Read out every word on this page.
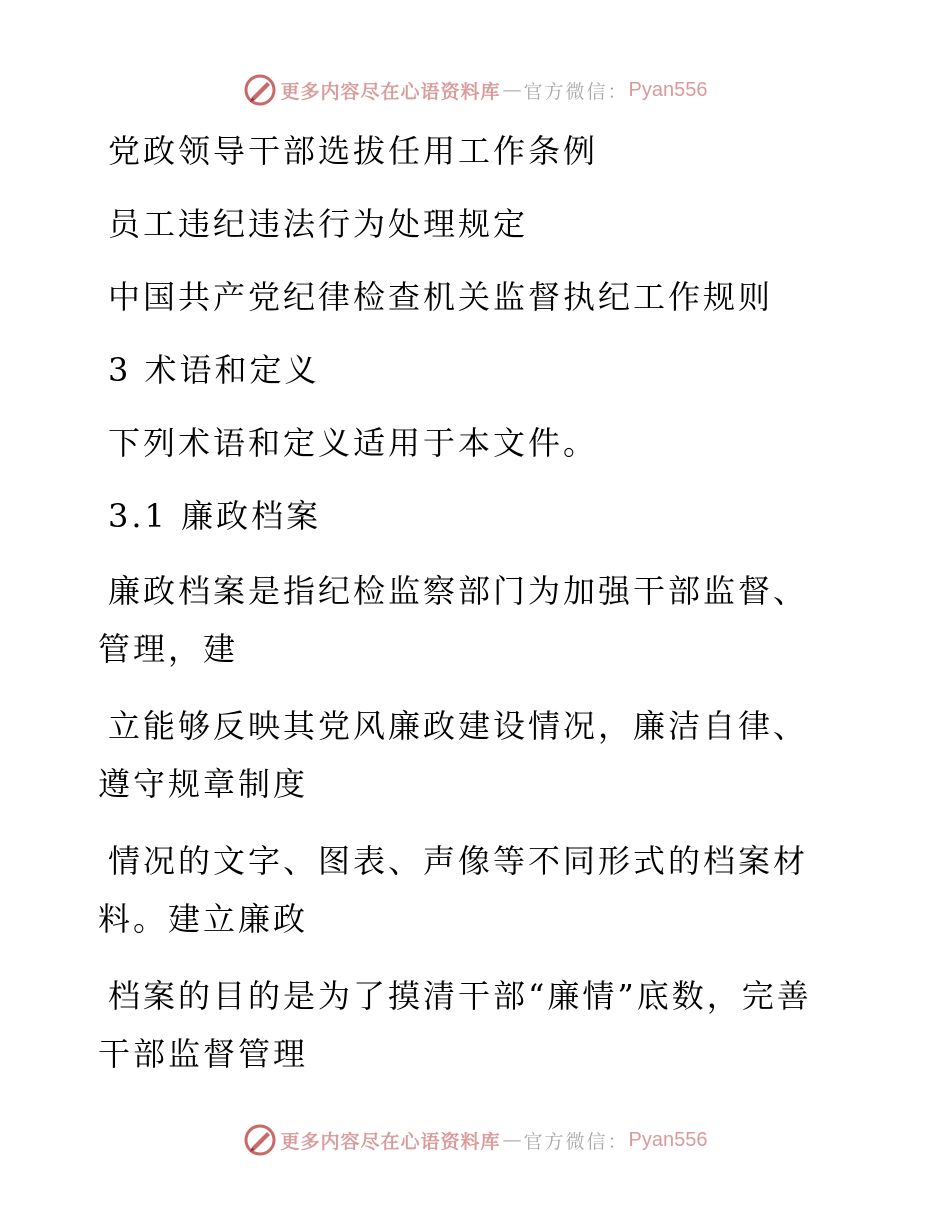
更多内容尽在心语资料库 — 官方微信： Pyan556

党政领导干部选拔任用工作条例

员工违纪违法行为处理规定

中国共产党纪律检查机关监督执纪工作规则

3 术语和定义

下列术语和定义适用于本文件。

3.1 廉政档案

廉政档案是指纪检监察部门为加强干部监督、管理，建

立能够反映其党风廉政建设情况，廉洁自律、遵守规章制度

情况的文字、图表、声像等不同形式的档案材料。建立廉政

档案的目的是为了摸清干部“廉情”底数，完善干部监督管理

更多内容尽在心语资料库 — 官方微信： Pyan556
